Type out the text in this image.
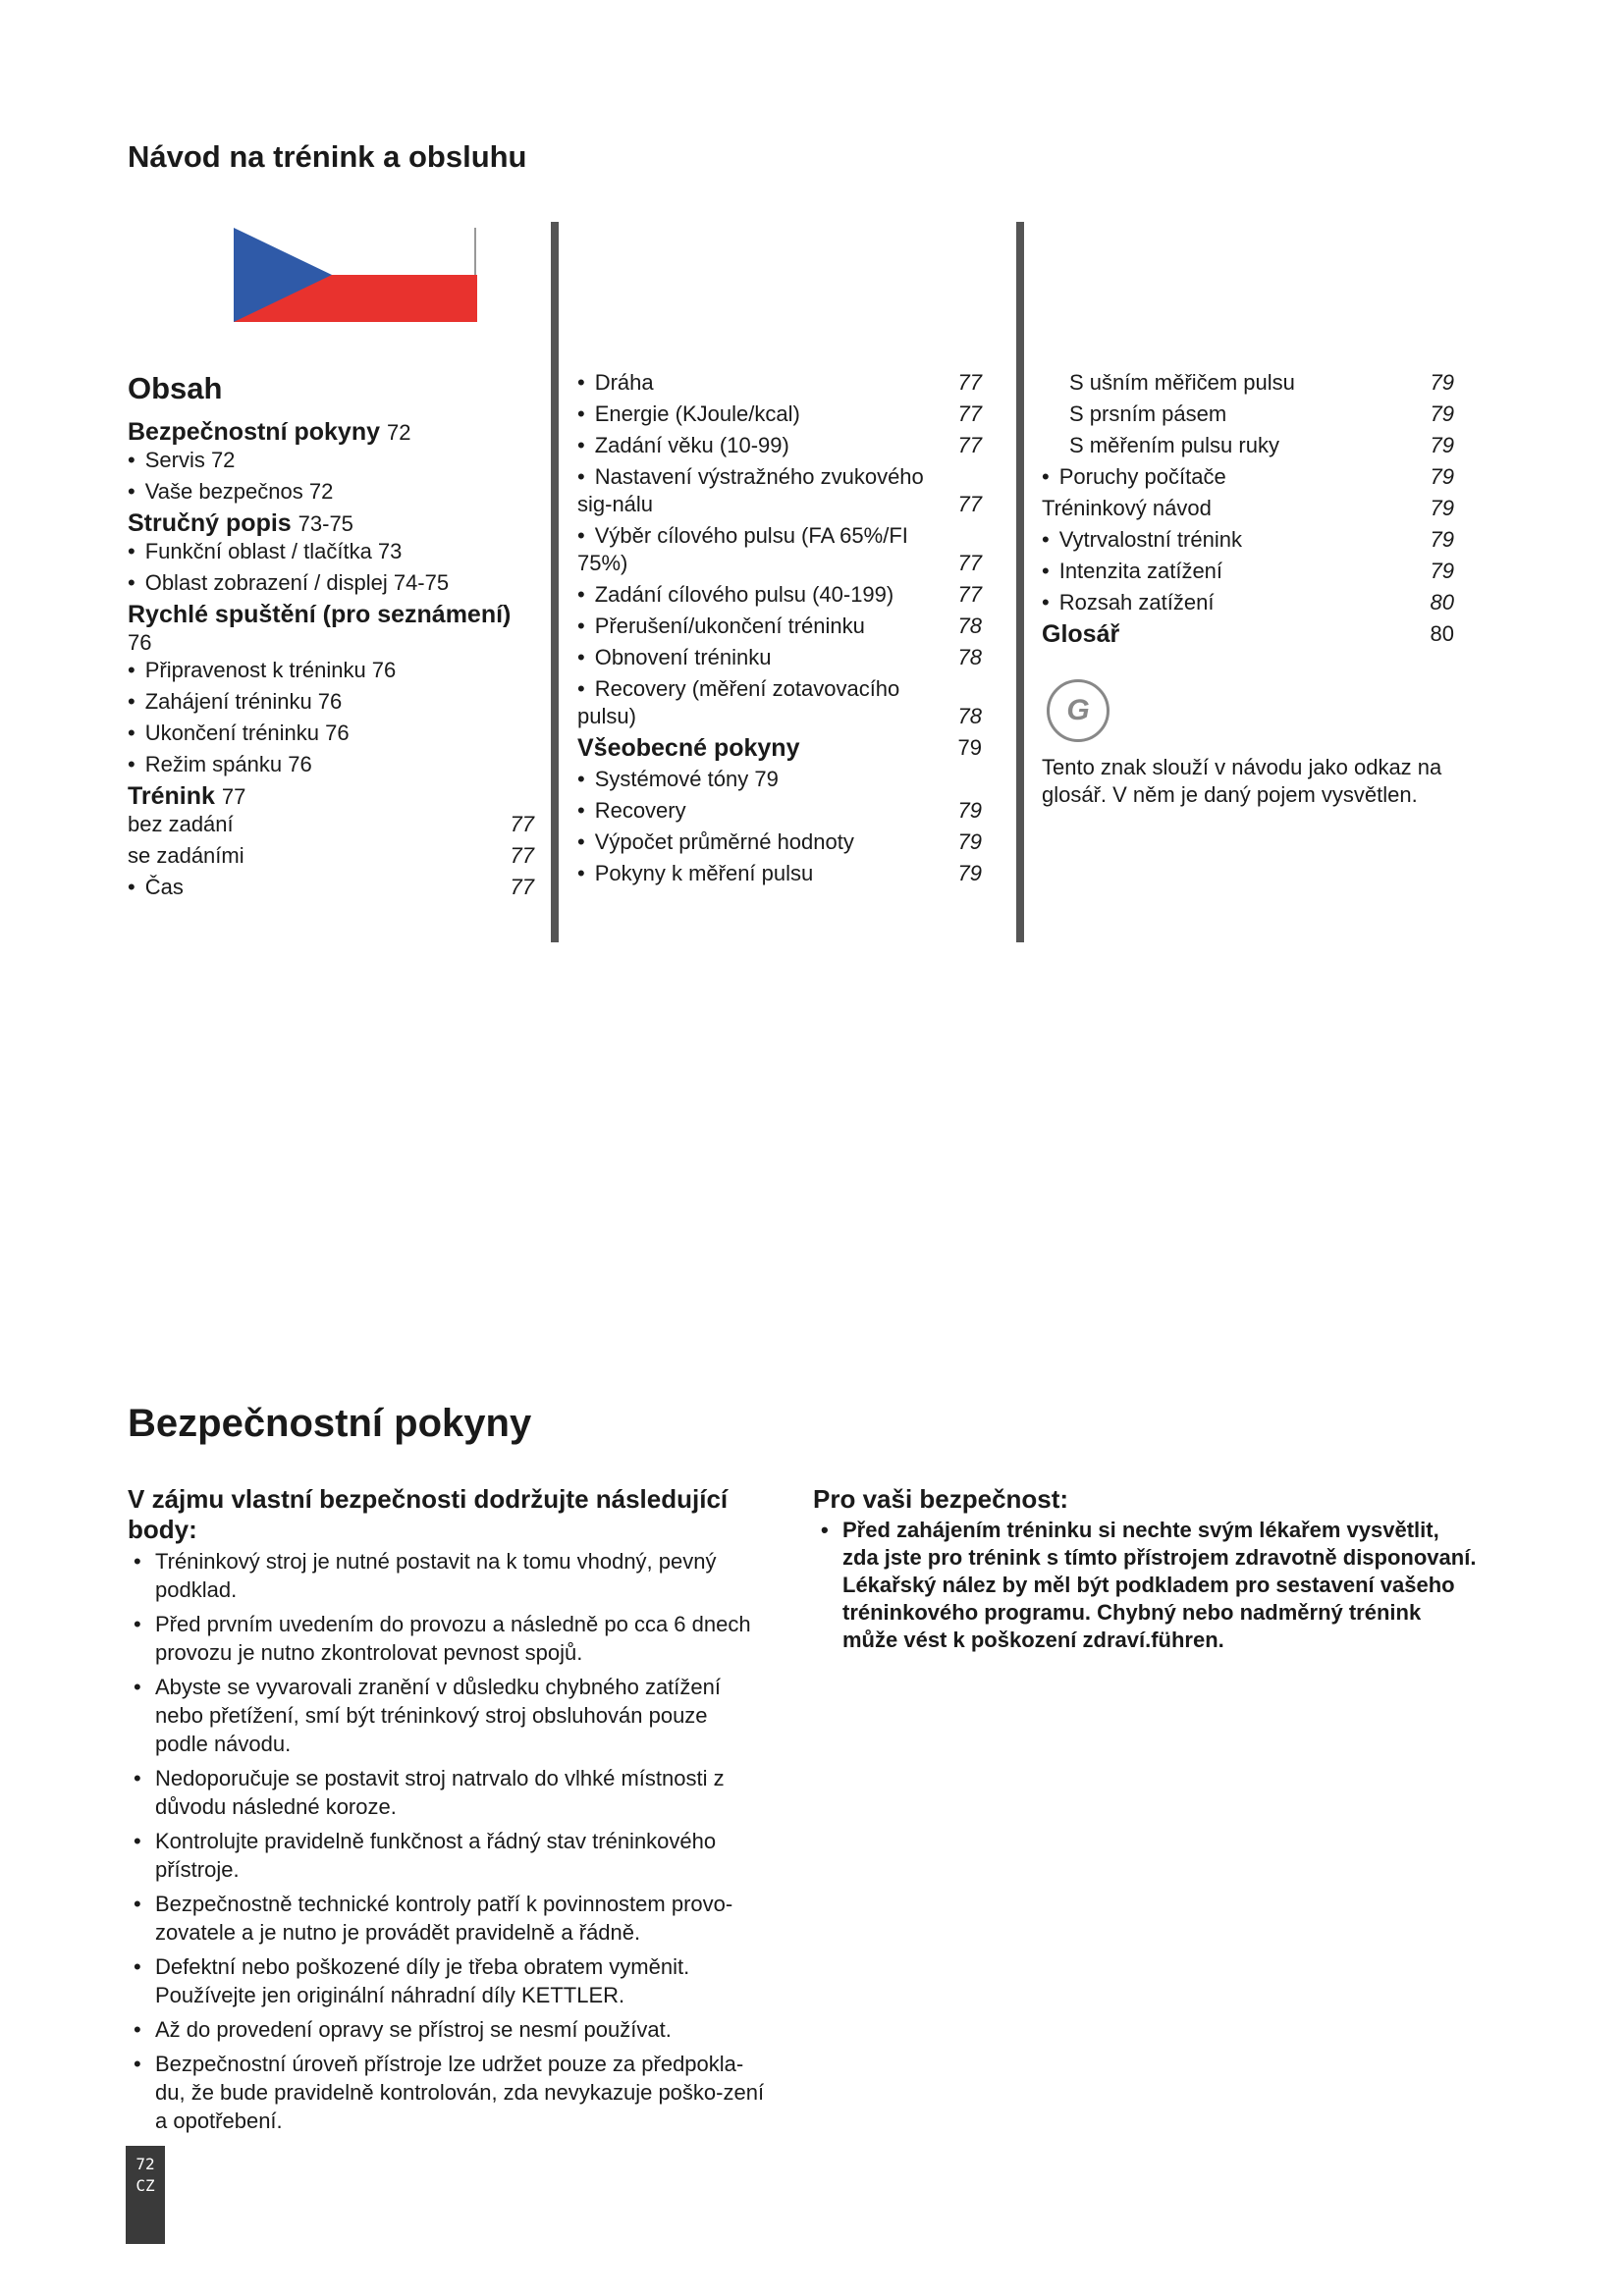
Návod na trénink a obsluhu
Obsah
Bezpečnostní pokyny 72
• Servis 72
• Vaše bezpečnos 72
Stručný popis 73-75
• Funkční oblast / tlačítka 73
• Oblast zobrazení / displej 74-75
Rychlé spuštění (pro seznámení) 76
• Připravenost k tréninku 76
• Zahájení tréninku 76
• Ukončení tréninku 76
• Režim spánku 76
Trénink 77
bez zadání	77
se zadáními	77
• Čas	77
• Dráha	77
• Energie (KJoule/kcal)	77
• Zadání věku (10-99)	77
• Nastavení výstražného zvukového sig-nálu	77
• Výběr cílového pulsu (FA 65%/FI 75%)	77
• Zadání cílového pulsu (40-199)	77
• Přerušení/ukončení tréninku	78
• Obnovení tréninku	78
• Recovery (měření zotavovacího pulsu)	78
Všeobecné pokyny	79
• Systémové tóny 79
• Recovery	79
• Výpočet průměrné hodnoty	79
• Pokyny k měření pulsu	79
S ušním měřičem pulsu	79
S prsním pásem	79
S měřením pulsu ruky	79
• Poruchy počítače	79
Tréninkový návod	79
• Vytrvalostní trénink	79
• Intenzita zatížení	79
• Rozsah zatížení	80
Glosář	80
G
Tento znak slouží v návodu jako odkaz na glosář. V něm je daný pojem vysvětlen.
Bezpečnostní pokyny
V zájmu vlastní bezpečnosti dodržujte následující body:
• Tréninkový stroj je nutné postavit na k tomu vhodný, pevný podklad.
• Před prvním uvedením do provozu a následně po cca 6 dnech provozu je nutno zkontrolovat pevnost spojů.
• Abyste se vyvarovali zranění v důsledku chybného zatížení nebo přetížení, smí být tréninkový stroj obsluhován pouze podle návodu.
• Nedoporučuje se postavit stroj natrvalo do vlhké místnosti z důvodu následné koroze.
• Kontrolujte pravidelně funkčnost a řádný stav tréninkového přístroje.
• Bezpečnostně technické kontroly patří k povinnostem provo-zovatele a je nutno je provádět pravidelně a řádně.
• Defektní nebo poškozené díly je třeba obratem vyměnit. Používejte jen originální náhradní díly KETTLER.
• Až do provedení opravy se přístroj se nesmí používat.
• Bezpečnostní úroveň přístroje lze udržet pouze za předpokla-du, že bude pravidelně kontrolován, zda nevykazuje poško-zení a opotřebení.
Pro vaši bezpečnost:
• Před zahájením tréninku si nechte svým lékařem vysvětlit, zda jste pro trénink s tímto přístrojem zdravotně disponovaní. Lékařský nález by měl být podkladem pro sestavení vašeho tréninkového programu. Chybný nebo nadměrný trénink může vést k poškození zdraví.führen.
72
CZ
